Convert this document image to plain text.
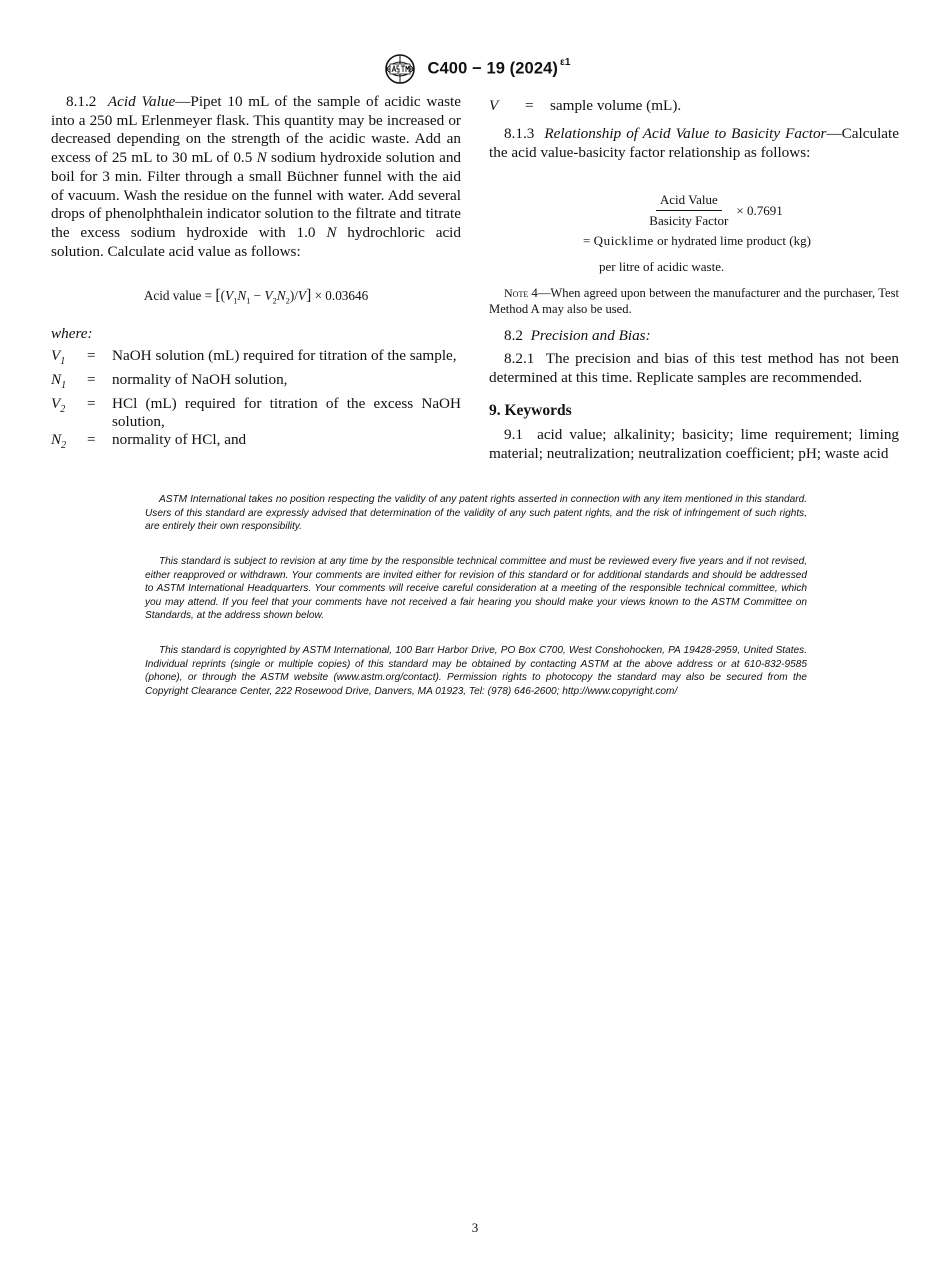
C400 − 19 (2024) $^{\varepsilon 1}$

8.1.2 Acid Value—Pipet 10 mL of the sample of acidic waste into a 250 mL Erlenmeyer flask. This quantity may be increased or decreased depending on the strength of the acidic waste. Add an excess of 25 mL to 30 mL of 0.5 N sodium hydroxide solution and boil for 3 min. Filter through a small Büchner funnel with the aid of vacuum. Wash the residue on the funnel with water. Add several drops of phenolphthalein indicator solution to the filtrate and titrate the excess sodium hydroxide with 1.0 N hydrochloric acid solution. Calculate acid value as follows:

Acid value = $[(V_1N_1 - V_2N_2)/V] \times 0.03646$

where:

$V_1$	=	NaOH solution (mL) required for titration of the sample,
$N_1$	=	normality of NaOH solution,
$V_2$	=	HCl (mL) required for titration of the excess NaOH solution,
$N_2$	=	normality of HCl, and
V	=	sample volume (mL).

8.1.3 Relationship of Acid Value to Basicity Factor—Calculate the acid value-basicity factor relationship as follows:

$\frac{\text{Acid Value}}{\text{Basicity Factor}} \times 0.7691$
= Quicklime or hydrated lime product (kg)
per litre of acidic waste.

Note 4—When agreed upon between the manufacturer and the purchaser, Test Method A may also be used.

8.2 Precision and Bias:

8.2.1 The precision and bias of this test method has not been determined at this time. Replicate samples are recommended.

9. Keywords

9.1 acid value; alkalinity; basicity; lime requirement; liming material; neutralization; neutralization coefficient; pH; waste acid

ASTM International takes no position respecting the validity of any patent rights asserted in connection with any item mentioned in this standard. Users of this standard are expressly advised that determination of the validity of any such patent rights, and the risk of infringement of such rights, are entirely their own responsibility.

This standard is subject to revision at any time by the responsible technical committee and must be reviewed every five years and if not revised, either reapproved or withdrawn. Your comments are invited either for revision of this standard or for additional standards and should be addressed to ASTM International Headquarters. Your comments will receive careful consideration at a meeting of the responsible technical committee, which you may attend. If you feel that your comments have not received a fair hearing you should make your views known to the ASTM Committee on Standards, at the address shown below.

This standard is copyrighted by ASTM International, 100 Barr Harbor Drive, PO Box C700, West Conshohocken, PA 19428-2959, United States. Individual reprints (single or multiple copies) of this standard may be obtained by contacting ASTM at the above address or at 610-832-9585 (phone), or through the ASTM website (www.astm.org/contact). Permission rights to photocopy the standard may also be secured from the Copyright Clearance Center, 222 Rosewood Drive, Danvers, MA 01923, Tel: (978) 646-2600; http://www.copyright.com/

3
